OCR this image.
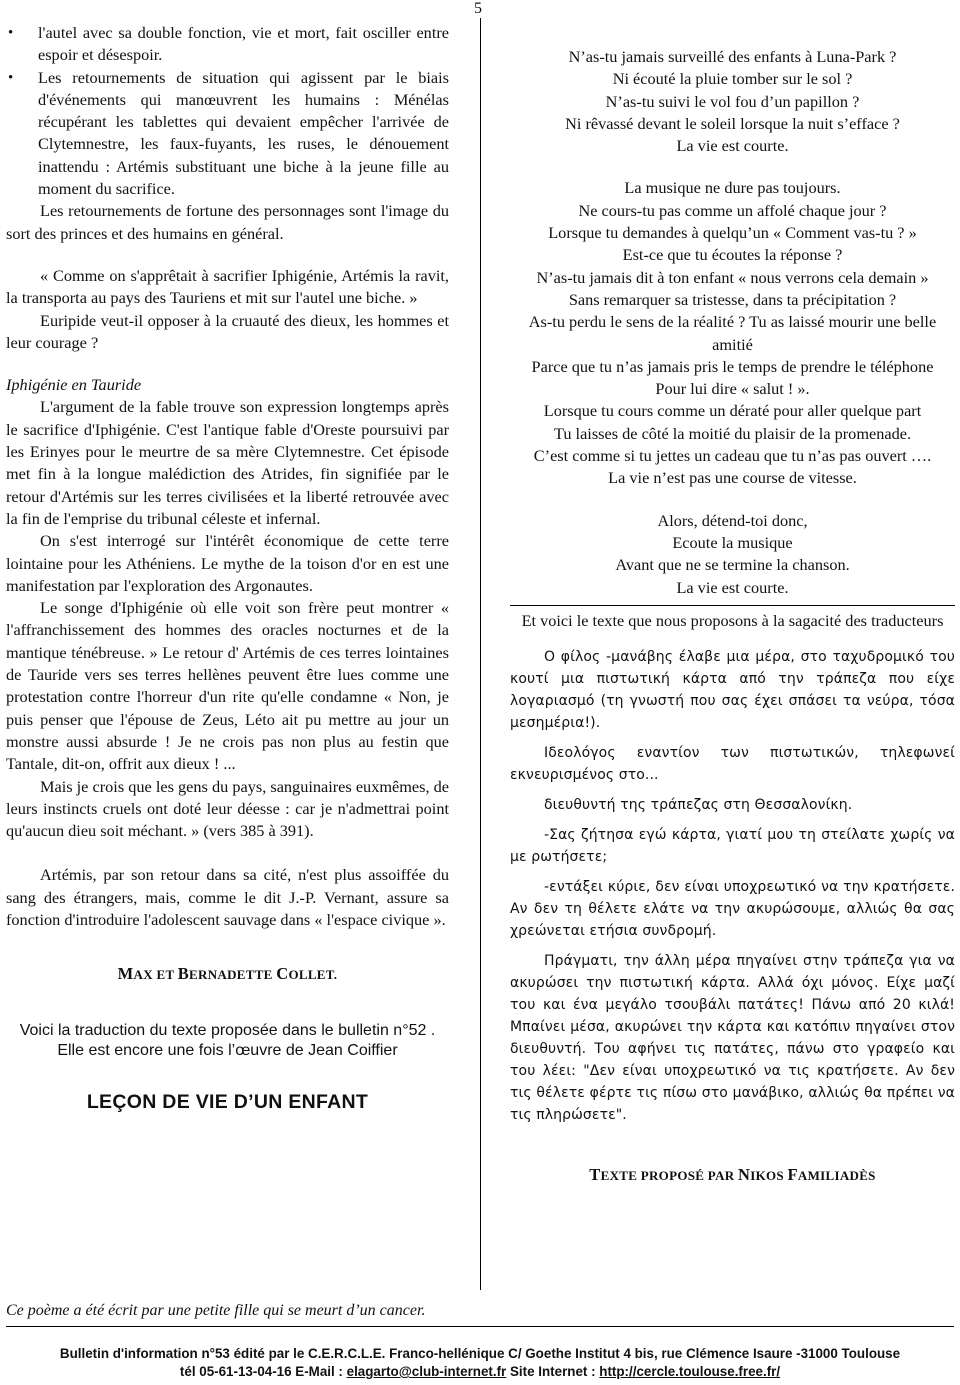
5
• l'autel avec sa double fonction, vie et mort, fait osciller entre espoir et désespoir.
• Les retournements de situation qui agissent par le biais d'événements qui manœuvrent les humains : Ménélas récupérant les tablettes qui devaient empêcher l'arrivée de Clytemnestre, les faux-fuyants, les ruses, le dénouement inattendu : Artémis substituant une biche à la jeune fille au moment du sacrifice.

Les retournements de fortune des personnages sont l'image du sort des princes et des humains en général.

« Comme on s'apprêtait à sacrifier Iphigénie, Artémis la ravit, la transporta au pays des Tauriens et mit sur l'autel une biche. »

Euripide veut-il opposer à la cruauté des dieux, les hommes et leur courage ?

Iphigénie en Tauride

L'argument de la fable trouve son expression longtemps après le sacrifice d'Iphigénie. C'est l'antique fable d'Oreste poursuivi par les Erinyes pour le meurtre de sa mère Clytemnestre. Cet épisode met fin à la longue malédiction des Atrides, fin signifiée par le retour d'Artémis sur les terres civilisées et la liberté retrouvée avec la fin de l'emprise du tribunal céleste et infernal.

On s'est interrogé sur l'intérêt économique de cette terre lointaine pour les Athéniens. Le mythe de la toison d'or en est une manifestation par l'exploration des Argonautes.

Le songe d'Iphigénie où elle voit son frère peut montrer « l'affranchissement des hommes des oracles nocturnes et de la mantique ténébreuse. » Le retour d' Artémis de ces terres lointaines de Tauride vers ses terres hellènes peuvent être lues comme une protestation contre l'horreur d'un rite qu'elle condamne « Non, je puis penser que l'épouse de Zeus, Léto ait pu mettre au jour un monstre aussi absurde ! Je ne crois pas non plus au festin que Tantale, dit-on, offrit aux dieux ! ...

Mais je crois que les gens du pays, sanguinaires euxmêmes, de leurs instincts cruels ont doté leur déesse : car je n'admettrai point qu'aucun dieu soit méchant. » (vers 385 à 391).

Artémis, par son retour dans sa cité, n'est plus assoiffée du sang des étrangers, mais, comme le dit J.-P. Vernant, assure sa fonction d'introduire l'adolescent sauvage dans « l'espace civique ».

MAX ET BERNADETTE COLLET.
Voici la traduction du texte proposée dans le bulletin n°52 .
Elle est encore une fois l’œuvre de Jean Coiffier
LEÇON DE VIE D’UN ENFANT
N’as-tu jamais surveillé des enfants à Luna-Park ?
Ni écouté la pluie tomber sur le sol ?
N’as-tu suivi le vol fou d’un papillon ?
Ni rêvassé devant le soleil lorsque la nuit s’efface ?
La vie est courte.
La musique ne dure pas toujours.
Ne cours-tu pas comme un affolé chaque jour ?
Lorsque tu demandes à quelqu’un « Comment vas-tu ? »
Est-ce que tu écoutes la réponse ?
N’as-tu jamais dit à ton enfant « nous verrons cela demain »
Sans remarquer sa tristesse, dans ta précipitation ?
As-tu perdu le sens de la réalité ? Tu as laissé mourir une belle amitié
Parce que tu n’as jamais pris le temps de prendre le téléphone
Pour lui dire « salut ! ».
Lorsque tu cours comme un dératé pour aller quelque part
Tu laisses de côté la moitié du plaisir de la promenade.
C’est comme si tu jettes un cadeau que tu n’as pas ouvert ….
La vie n’est pas une course de vitesse.
Alors, détend-toi donc,
Ecoute la musique
Avant que ne se termine la chanson.
La vie est courte.
Et voici le texte que nous proposons à la sagacité des traducteurs

Ο φίλος -μανάβης έλαβε μια μέρα, στο ταχυδρομικό του κουτί μια πιστωτική κάρτα από την τράπεζα που είχε λογαριασμό (τη γνωστή που σας έχει σπάσει τα νεύρα, τόσα μεσημέρια!).

Ιδεολόγος εναντίον των πιστωτικών, τηλεφωνεί εκνευρισμένος στο...

διευθυντή της τράπεζας στη Θεσσαλονίκη.

-Σας ζήτησα εγώ κάρτα, γιατί μου τη στείλατε χωρίς να με ρωτήσετε;

-εντάξει κύριε, δεν είναι υποχρεωτικό να την κρατήσετε. Αν δεν τη θέλετε ελάτε να την ακυρώσουμε, αλλιώς θα σας χρεώνεται ετήσια συνδρομή.

Πράγματι, την άλλη μέρα πηγαίνει στην τράπεζα για να ακυρώσει την πιστωτική κάρτα. Αλλά όχι μόνος. Είχε μαζί του και ένα μεγάλο τσουβάλι πατάτες! Πάνω από 20 κιλά! Μπαίνει μέσα, ακυρώνει την κάρτα και κατόπιν πηγαίνει στον διευθυντή. Του αφήνει τις πατάτες, πάνω στο γραφείο και του λέει: "Δεν είναι υποχρεωτικό να τις κρατήσετε. Αν δεν τις θέλετε φέρτε τις πίσω στο μανάβικο, αλλιώς θα πρέπει να τις πληρώσετε".

TEXTE PROPOSÉ PAR NIKOS FAMILIADÈS
Ce poème a été écrit par une petite fille qui se meurt d’un cancer.
Bulletin d'information n°53 édité par le C.E.R.C.L.E. Franco-hellénique C/ Goethe Institut 4 bis, rue Clémence Isaure -31000 Toulouse
tél 05-61-13-04-16 E-Mail : elagarto@club-internet.fr Site Internet : http://cercle.toulouse.free.fr/
